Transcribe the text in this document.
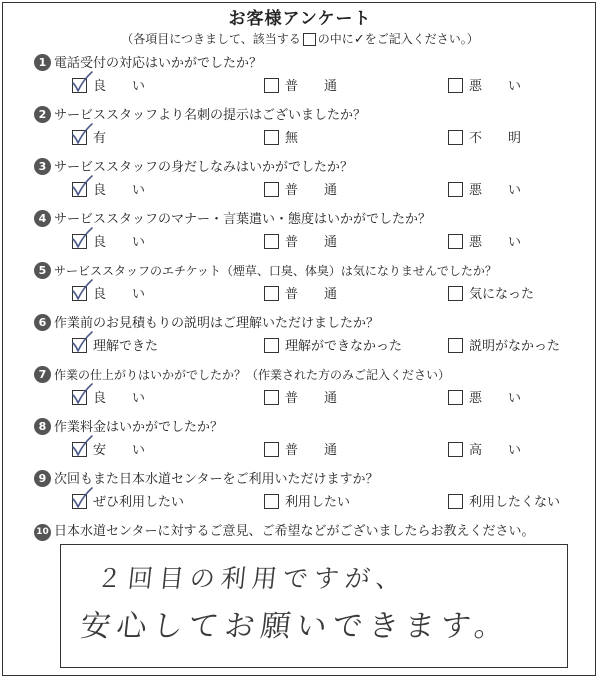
お客様アンケート
（各項目につきまして、該当する の中に✓をご記入ください。）
1 電話受付の対応はいかがでしたか？
良　　い	普　　通	悪　　い
2 サービススタッフより名刺の提示はございましたか？
有	無	不　　明
3 サービススタッフの身だしなみはいかがでしたか？
良　　い	普　　通	悪　　い
4 サービススタッフのマナー・言葉遣い・態度はいかがでしたか？
良　　い	普　　通	悪　　い
5 サービススタッフのエチケット（煙草、口臭、体臭）は気になりませんでしたか？
良　　い	普　　通	気になった
6 作業前のお見積もりの説明はご理解いただけましたか？
理解できた	理解ができなかった	説明がなかった
7 作業の仕上がりはいかがでしたか？（作業された方のみご記入ください）
良　　い	普　　通	悪　　い
8 作業料金はいかがでしたか？
安　　い	普　　通	高　　い
9 次回もまた日本水道センターをご利用いただけますか？
ぜひ利用したい	利用したい	利用したくない
10 日本水道センターに対するご意見、ご希望などがございましたらお教えください。
２回目の利用ですが、
安心してお願いできます。
